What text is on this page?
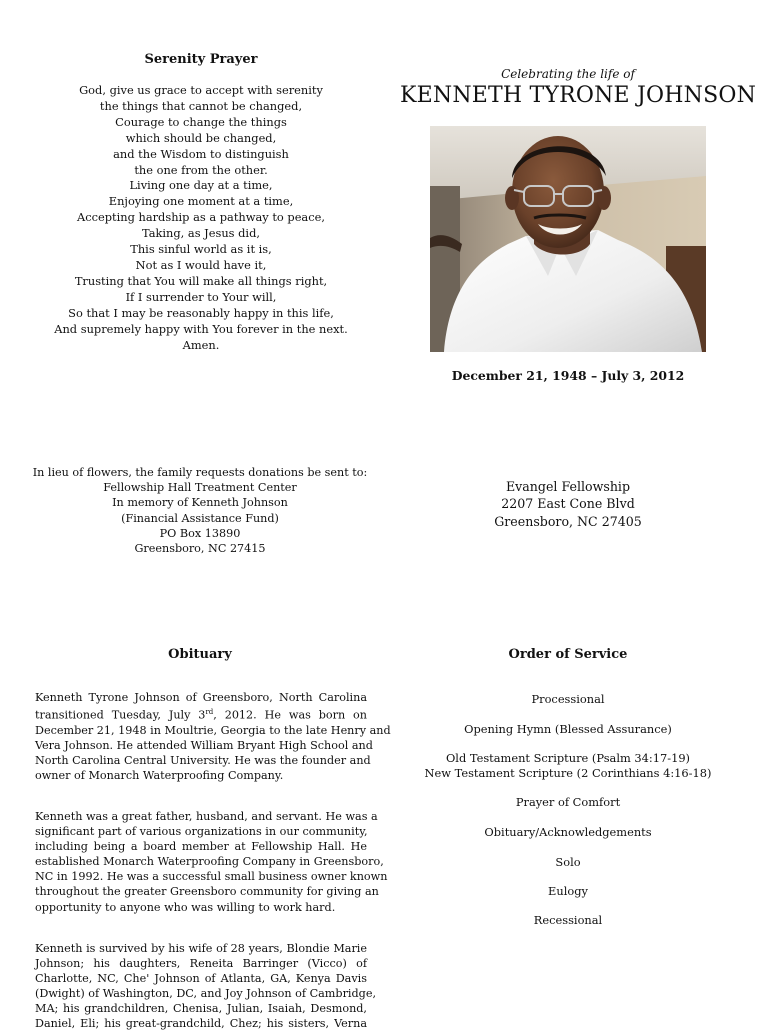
Serenity Prayer
God, give us grace to accept with serenity
the things that cannot be changed,
Courage to change the things
which should be changed,
and the Wisdom to distinguish
the one from the other.
Living one day at a time,
Enjoying one moment at a time,
Accepting hardship as a pathway to peace,
Taking, as Jesus did,
This sinful world as it is,
Not as I would have it,
Trusting that You will make all things right,
If I surrender to Your will,
So that I may be reasonably happy in this life,
And supremely happy with You forever in the next.
Amen.
Celebrating the life of
KENNETH TYRONE JOHNSON
December 21, 1948 – July 3, 2012
In lieu of flowers, the family requests donations be sent to:
Fellowship Hall Treatment Center
In memory of Kenneth Johnson
(Financial Assistance Fund)
PO Box 13890
Greensboro, NC 27415
Evangel Fellowship
2207 East Cone Blvd
Greensboro, NC 27405
Obituary
Kenneth Tyrone Johnson of Greensboro, North Carolina
transitioned Tuesday, July 3rd, 2012. He was born on
December 21, 1948 in Moultrie, Georgia to the late Henry and
Vera Johnson. He attended William Bryant High School and
North Carolina Central University. He was the founder and
owner of Monarch Waterproofing Company.
Kenneth was a great father, husband, and servant. He was a
significant part of various organizations in our community,
including being a board member at Fellowship Hall. He
established Monarch Waterproofing Company in Greensboro,
NC in 1992. He was a successful small business owner known
throughout the greater Greensboro community for giving an
opportunity to anyone who was willing to work hard.
Kenneth is survived by his wife of 28 years, Blondie Marie
Johnson; his daughters, Reneita Barringer (Vicco) of
Charlotte, NC, Che' Johnson of Atlanta, GA, Kenya Davis
(Dwight) of Washington, DC, and Joy Johnson of Cambridge,
MA; his grandchildren, Chenisa, Julian, Isaiah, Desmond,
Daniel, Eli; his great-grandchild, Chez; his sisters, Verna
Order of Service
Processional
Opening Hymn (Blessed Assurance)
Old Testament Scripture (Psalm 34:17-19)
New Testament Scripture (2 Corinthians 4:16-18)
Prayer of Comfort
Obituary/Acknowledgements
Solo
Eulogy
Recessional
